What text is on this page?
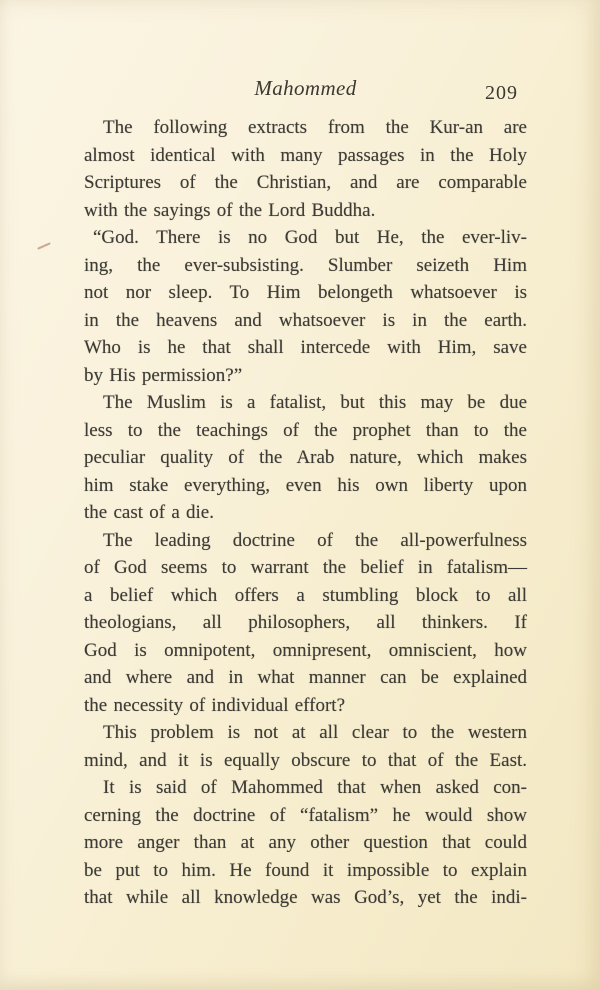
Mahommed	209
The following extracts from the Kur-an are
almost identical with many passages in the Holy
Scriptures of the Christian, and are comparable
with the sayings of the Lord Buddha.
“God. There is no God but He, the ever-liv-
ing, the ever-subsisting. Slumber seizeth Him
not nor sleep. To Him belongeth whatsoever is
in the heavens and whatsoever is in the earth.
Who is he that shall intercede with Him, save
by His permission?”
The Muslim is a fatalist, but this may be due
less to the teachings of the prophet than to the
peculiar quality of the Arab nature, which makes
him stake everything, even his own liberty upon
the cast of a die.
The leading doctrine of the all-powerfulness
of God seems to warrant the belief in fatalism—
a belief which offers a stumbling block to all
theologians, all philosophers, all thinkers. If
God is omnipotent, omnipresent, omniscient, how
and where and in what manner can be explained
the necessity of individual effort?
This problem is not at all clear to the western
mind, and it is equally obscure to that of the East.
It is said of Mahommed that when asked con-
cerning the doctrine of “fatalism” he would show
more anger than at any other question that could
be put to him. He found it impossible to explain
that while all knowledge was God’s, yet the indi-
